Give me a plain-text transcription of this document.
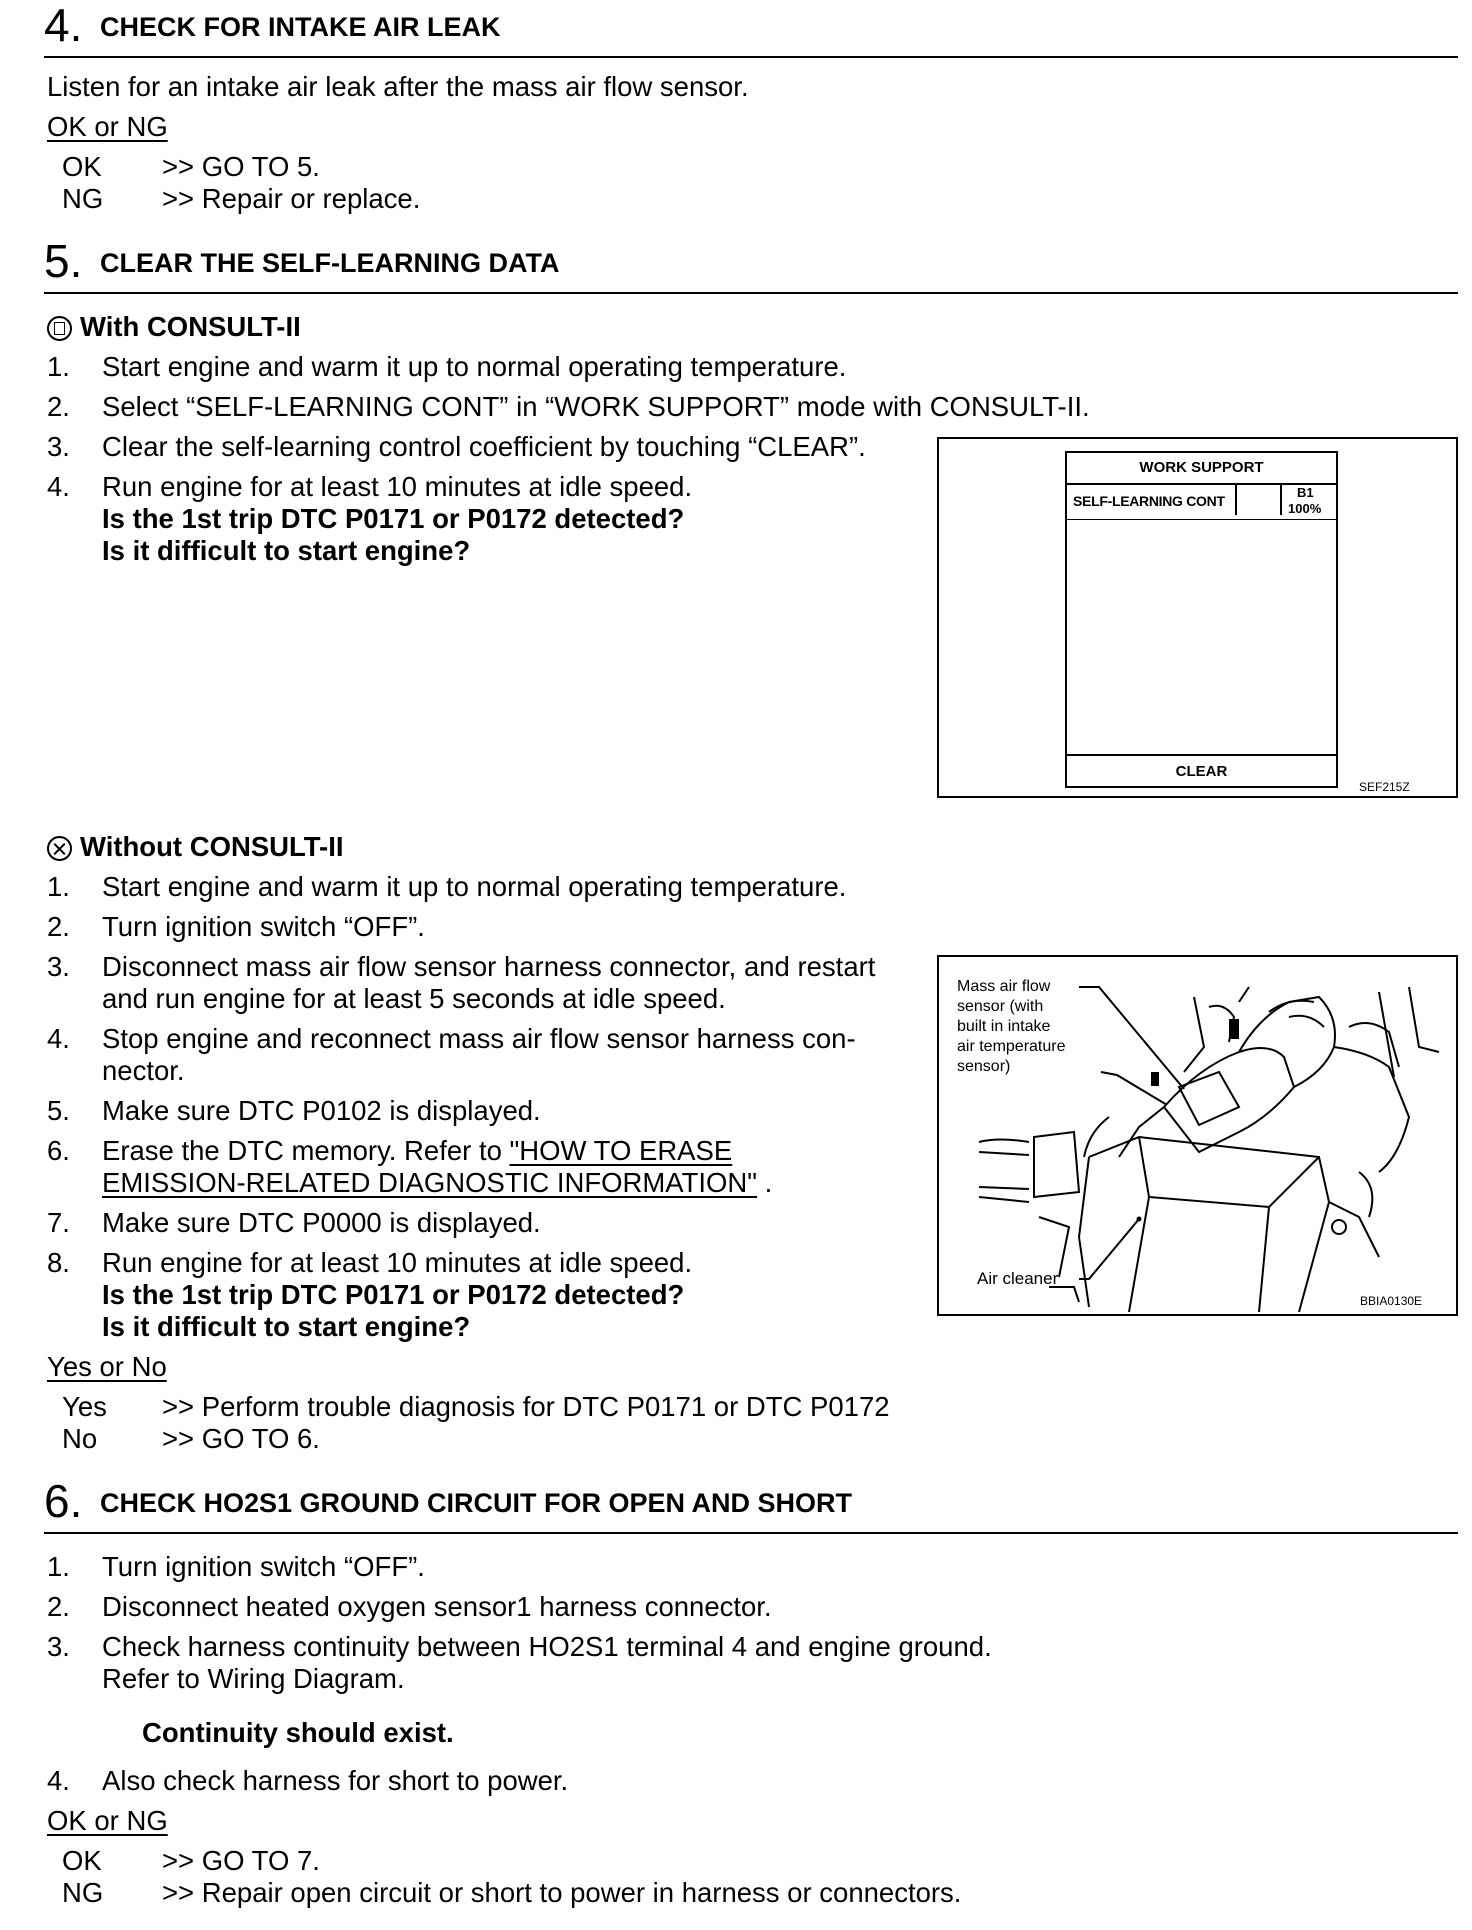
4. CHECK FOR INTAKE AIR LEAK
Listen for an intake air leak after the mass air flow sensor.
OK or NG
OK >> GO TO 5.
NG >> Repair or replace.
5. CLEAR THE SELF-LEARNING DATA
With CONSULT-II
1. Start engine and warm it up to normal operating temperature.
2. Select “SELF-LEARNING CONT” in “WORK SUPPORT” mode with CONSULT-II.
3. Clear the self-learning control coefficient by touching “CLEAR”.
4. Run engine for at least 10 minutes at idle speed.
Is the 1st trip DTC P0171 or P0172 detected?
Is it difficult to start engine?
WORK SUPPORT
SELF-LEARNING CONT
B1
100%
CLEAR
SEF215Z
Without CONSULT-II
1. Start engine and warm it up to normal operating temperature.
2. Turn ignition switch “OFF”.
3. Disconnect mass air flow sensor harness connector, and restart
and run engine for at least 5 seconds at idle speed.
4. Stop engine and reconnect mass air flow sensor harness con-
nector.
5. Make sure DTC P0102 is displayed.
6. Erase the DTC memory. Refer to "HOW TO ERASE
EMISSION-RELATED DIAGNOSTIC INFORMATION" .
7. Make sure DTC P0000 is displayed.
8. Run engine for at least 10 minutes at idle speed.
Is the 1st trip DTC P0171 or P0172 detected?
Is it difficult to start engine?
Mass air flow
sensor (with
built in intake
air temperature
sensor)
Air cleaner
BBIA0130E
Yes or No
Yes >> Perform trouble diagnosis for DTC P0171 or DTC P0172
No >> GO TO 6.
6. CHECK HO2S1 GROUND CIRCUIT FOR OPEN AND SHORT
1. Turn ignition switch “OFF”.
2. Disconnect heated oxygen sensor1 harness connector.
3. Check harness continuity between HO2S1 terminal 4 and engine ground.
Refer to Wiring Diagram.
Continuity should exist.
4. Also check harness for short to power.
OK or NG
OK >> GO TO 7.
NG >> Repair open circuit or short to power in harness or connectors.
